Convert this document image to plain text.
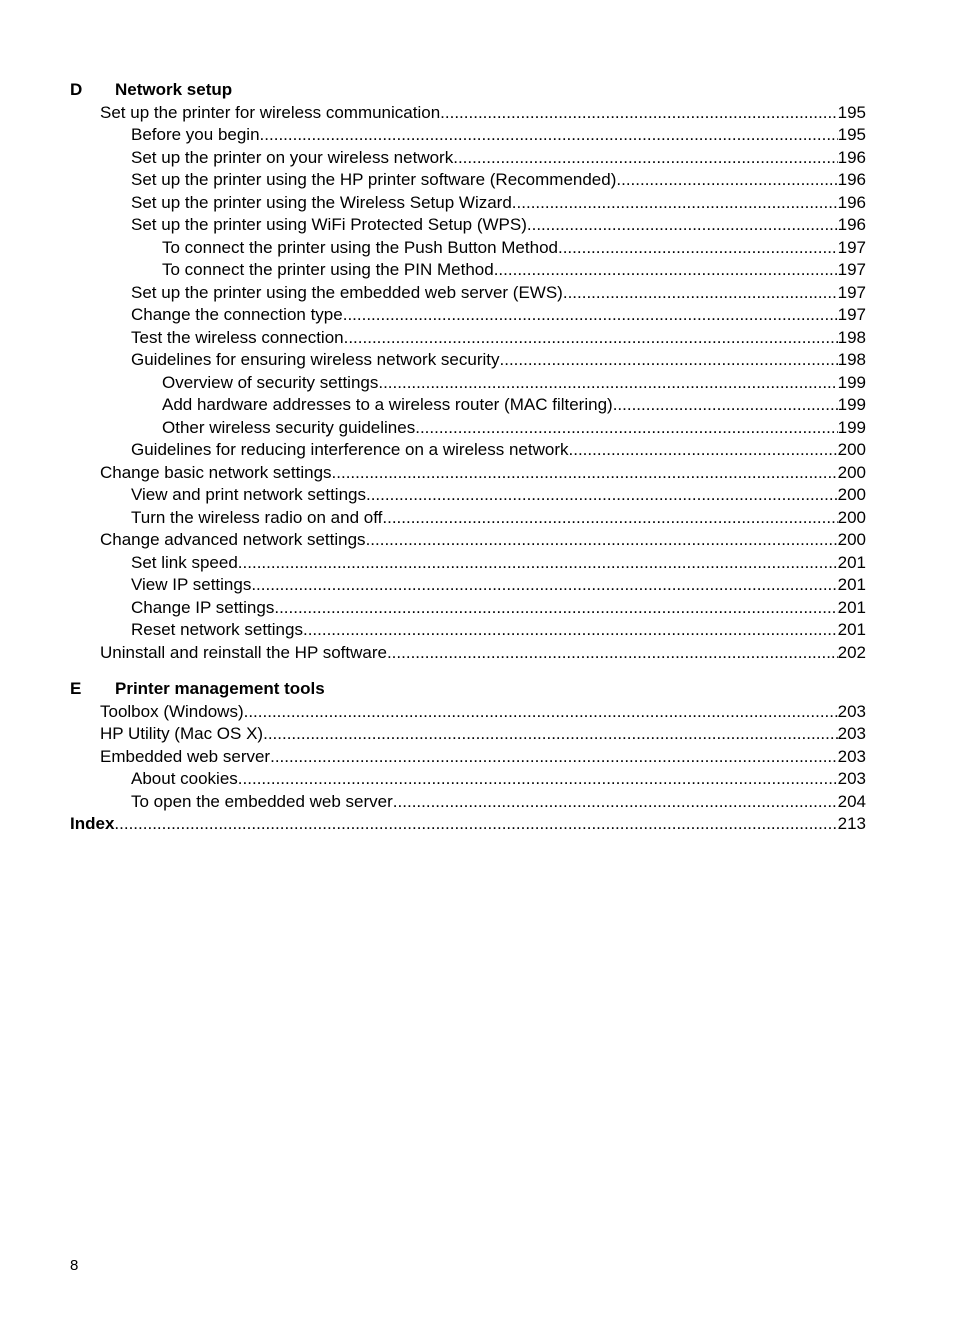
D	Network setup
Set up the printer for wireless communication .....	195
Before you begin .....	195
Set up the printer on your wireless network .....	196
Set up the printer using the HP printer software (Recommended) .....	196
Set up the printer using the Wireless Setup Wizard .....	196
Set up the printer using WiFi Protected Setup (WPS) .....	196
To connect the printer using the Push Button Method .....	197
To connect the printer using the PIN Method .....	197
Set up the printer using the embedded web server (EWS) .....	197
Change the connection type .....	197
Test the wireless connection .....	198
Guidelines for ensuring wireless network security .....	198
Overview of security settings .....	199
Add hardware addresses to a wireless router (MAC filtering) .....	199
Other wireless security guidelines .....	199
Guidelines for reducing interference on a wireless network .....	200
Change basic network settings .....	200
View and print network settings .....	200
Turn the wireless radio on and off .....	200
Change advanced network settings .....	200
Set link speed .....	201
View IP settings .....	201
Change IP settings .....	201
Reset network settings .....	201
Uninstall and reinstall the HP software .....	202
E	Printer management tools
Toolbox (Windows) .....	203
HP Utility (Mac OS X) .....	203
Embedded web server .....	203
About cookies .....	203
To open the embedded web server .....	204
Index .....	213
8
